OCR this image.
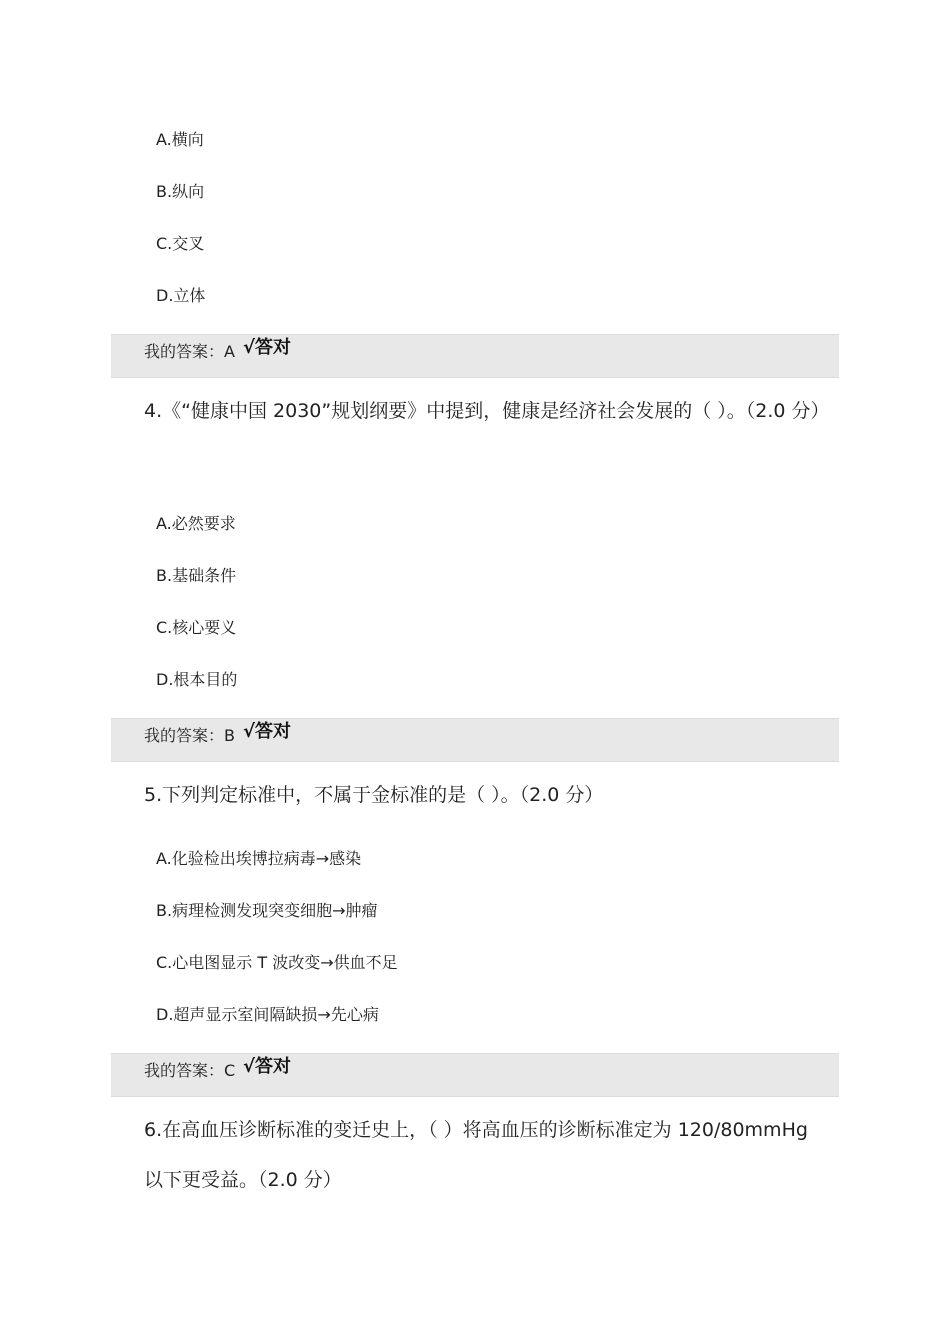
A.横向
B.纵向
C.交叉
D.立体
我的答案：A √答对
4.《“健康中国 2030”规划纲要》中提到，健康是经济社会发展的（ ）。（2.0 分）
A.必然要求
B.基础条件
C.核心要义
D.根本目的
我的答案：B √答对
5.下列判定标准中，不属于金标准的是（ ）。（2.0 分）
A.化验检出埃博拉病毒→感染
B.病理检测发现突变细胞→肿瘤
C.心电图显示 T 波改变→供血不足
D.超声显示室间隔缺损→先心病
我的答案：C √答对
6.在高血压诊断标准的变迁史上，（ ）将高血压的诊断标准定为 120/80mmHg 以下更受益。（2.0 分）
